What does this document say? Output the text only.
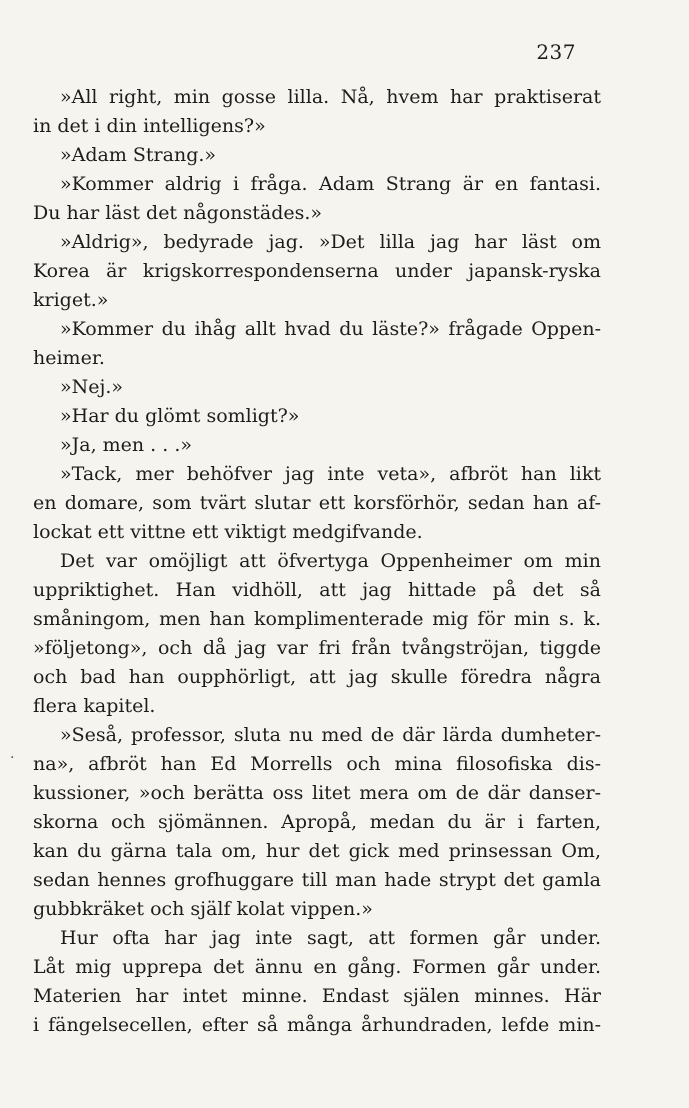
237
·
»All right, min gosse lilla. Nå, hvem har praktiserat
in det i din intelligens?»
»Adam Strang.»
»Kommer aldrig i fråga. Adam Strang är en fantasi.
Du har läst det någonstädes.»
»Aldrig», bedyrade jag. »Det lilla jag har läst om
Korea är krigskorrespondenserna under japansk-ryska
kriget.»
»Kommer du ihåg allt hvad du läste?» frågade Oppen-
heimer.
»Nej.»
»Har du glömt somligt?»
»Ja, men . . .»
»Tack, mer behöfver jag inte veta», afbröt han likt
en domare, som tvärt slutar ett korsförhör, sedan han af-
lockat ett vittne ett viktigt medgifvande.
Det var omöjligt att öfvertyga Oppenheimer om min
uppriktighet. Han vidhöll, att jag hittade på det så
småningom, men han komplimenterade mig för min s. k.
»följetong», och då jag var fri från tvångströjan, tiggde
och bad han oupphörligt, att jag skulle föredra några
flera kapitel.
»Seså, professor, sluta nu med de där lärda dumheter-
na», afbröt han Ed Morrells och mina filosofiska dis-
kussioner, »och berätta oss litet mera om de där danser-
skorna och sjömännen. Apropå, medan du är i farten,
kan du gärna tala om, hur det gick med prinsessan Om,
sedan hennes grofhuggare till man hade strypt det gamla
gubbkräket och själf kolat vippen.»
Hur ofta har jag inte sagt, att formen går under.
Låt mig upprepa det ännu en gång. Formen går under.
Materien har intet minne. Endast själen minnes. Här
i fängelsecellen, efter så många århundraden, lefde min-
